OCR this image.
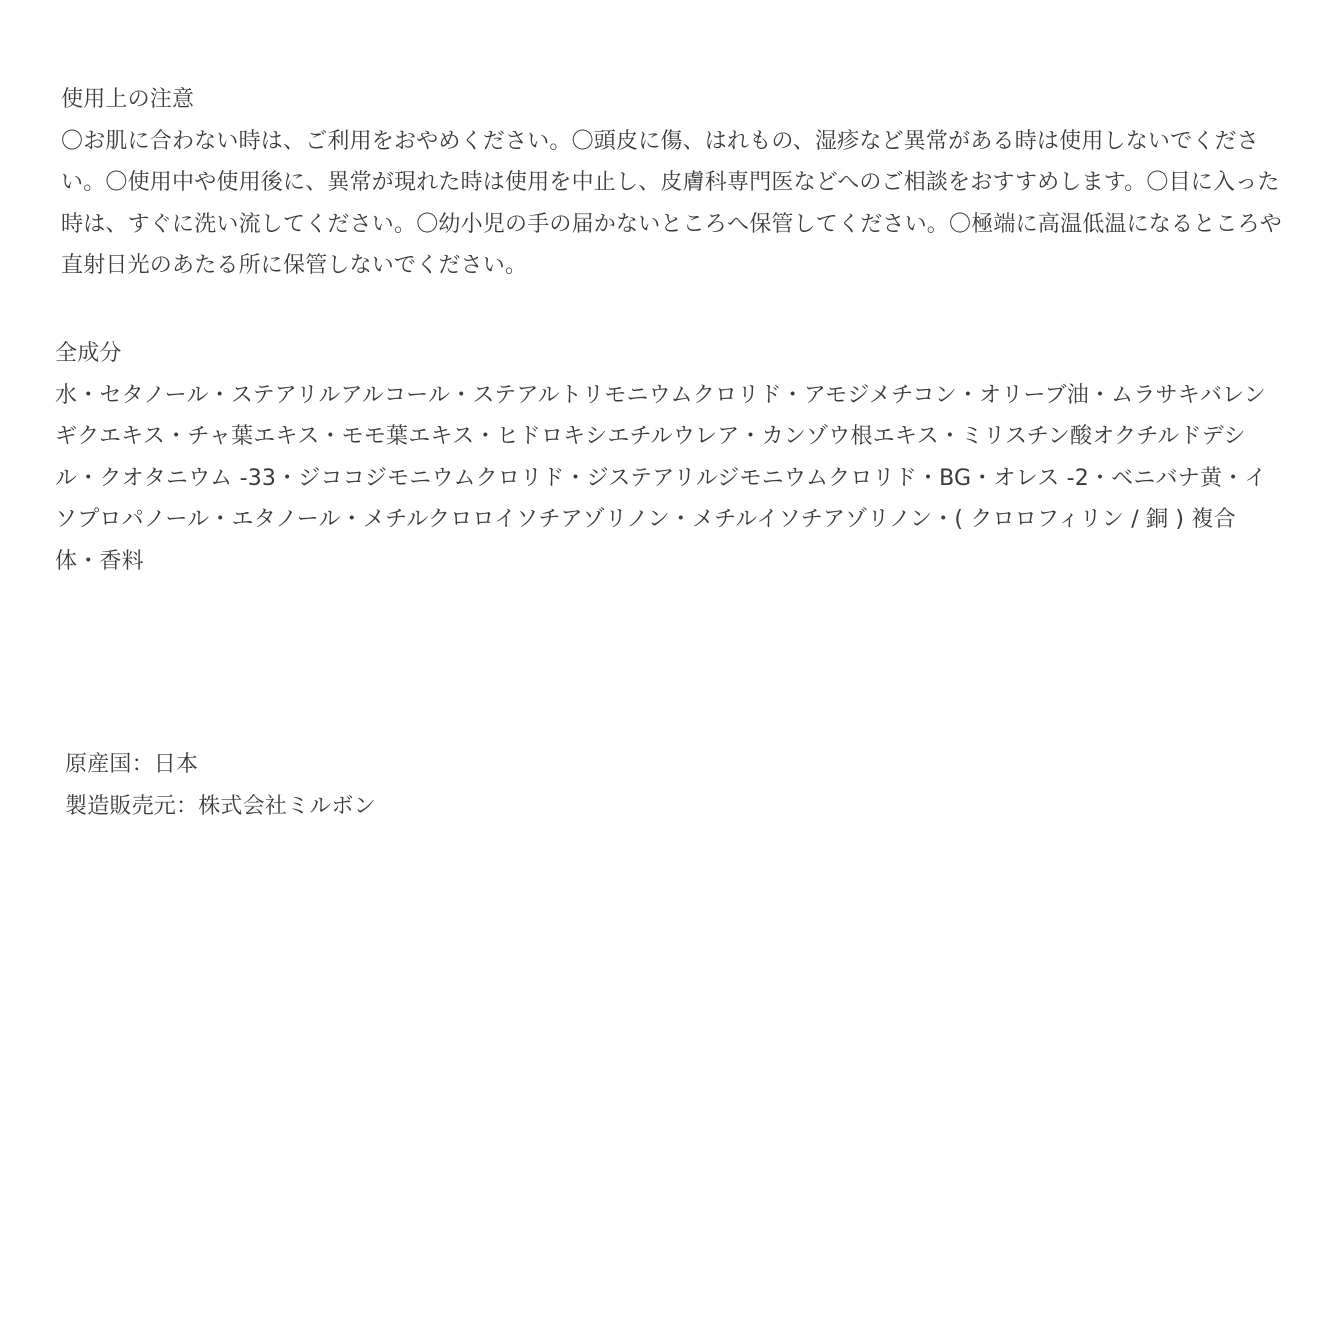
使用上の注意

〇お肌に合わない時は、ご利用をおやめください。〇頭皮に傷、はれもの、湿疹など異常がある時は使用しないでください。〇使用中や使用後に、異常が現れた時は使用を中止し、皮膚科専門医などへのご相談をおすすめします。〇目に入った時は、すぐに洗い流してください。〇幼小児の手の届かないところへ保管してください。〇極端に高温低温になるところや直射日光のあたる所に保管しないでください。

全成分

水・セタノール・ステアリルアルコール・ステアルトリモニウムクロリド・アモジメチコン・オリーブ油・ムラサキバレンギクエキス・チャ葉エキス・モモ葉エキス・ヒドロキシエチルウレア・カンゾウ根エキス・ミリスチン酸オクチルドデシル・クオタニウム -33・ジココジモニウムクロリド・ジステアリルジモニウムクロリド・BG・オレス -2・ベニバナ黄・イソプロパノール・エタノール・メチルクロロイソチアゾリノン・メチルイソチアゾリノン・( クロロフィリン / 銅 ) 複合体・香料

原産国：日本

製造販売元：株式会社ミルボン
